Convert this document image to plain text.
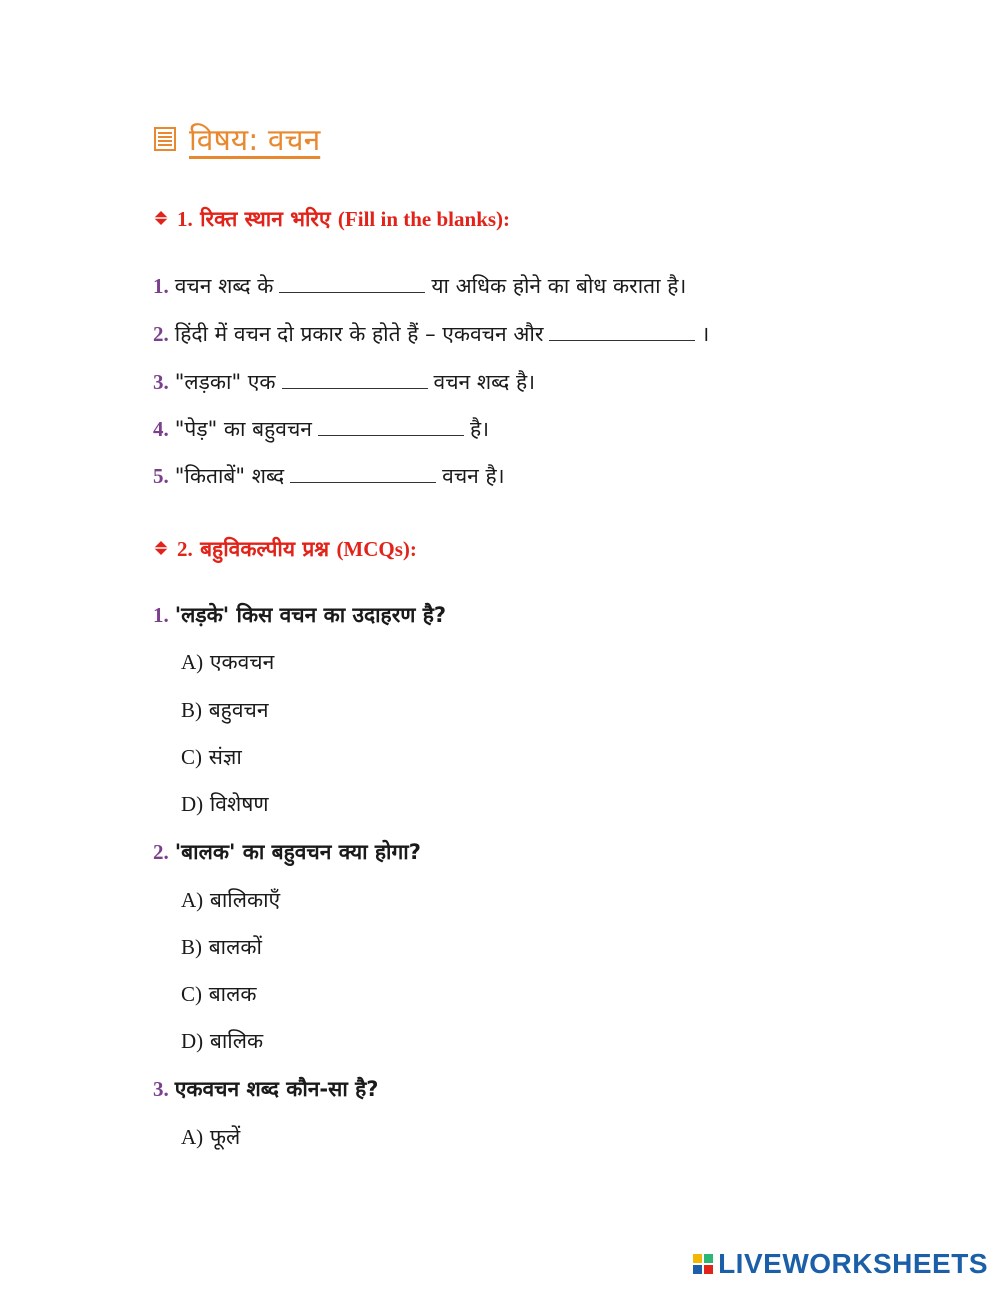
विषय: वचन
1. रिक्त स्थान भरिए (Fill in the blanks):
1. वचन शब्द के	या अधिक होने का बोध कराता है।
2. हिंदी में वचन दो प्रकार के होते हैं – एकवचन और	।
3. "लड़का" एक	वचन शब्द है।
4. "पेड़" का बहुवचन	है।
5. "किताबें" शब्द	वचन है।
2. बहुविकल्पीय प्रश्न (MCQs):
1. 'लड़के' किस वचन का उदाहरण है?
A) एकवचन
B) बहुवचन
C) संज्ञा
D) विशेषण
2. 'बालक' का बहुवचन क्या होगा?
A) बालिकाएँ
B) बालकों
C) बालक
D) बालिक
3. एकवचन शब्द कौन-सा है?
A) फूलें
LIVEWORKSHEETS
